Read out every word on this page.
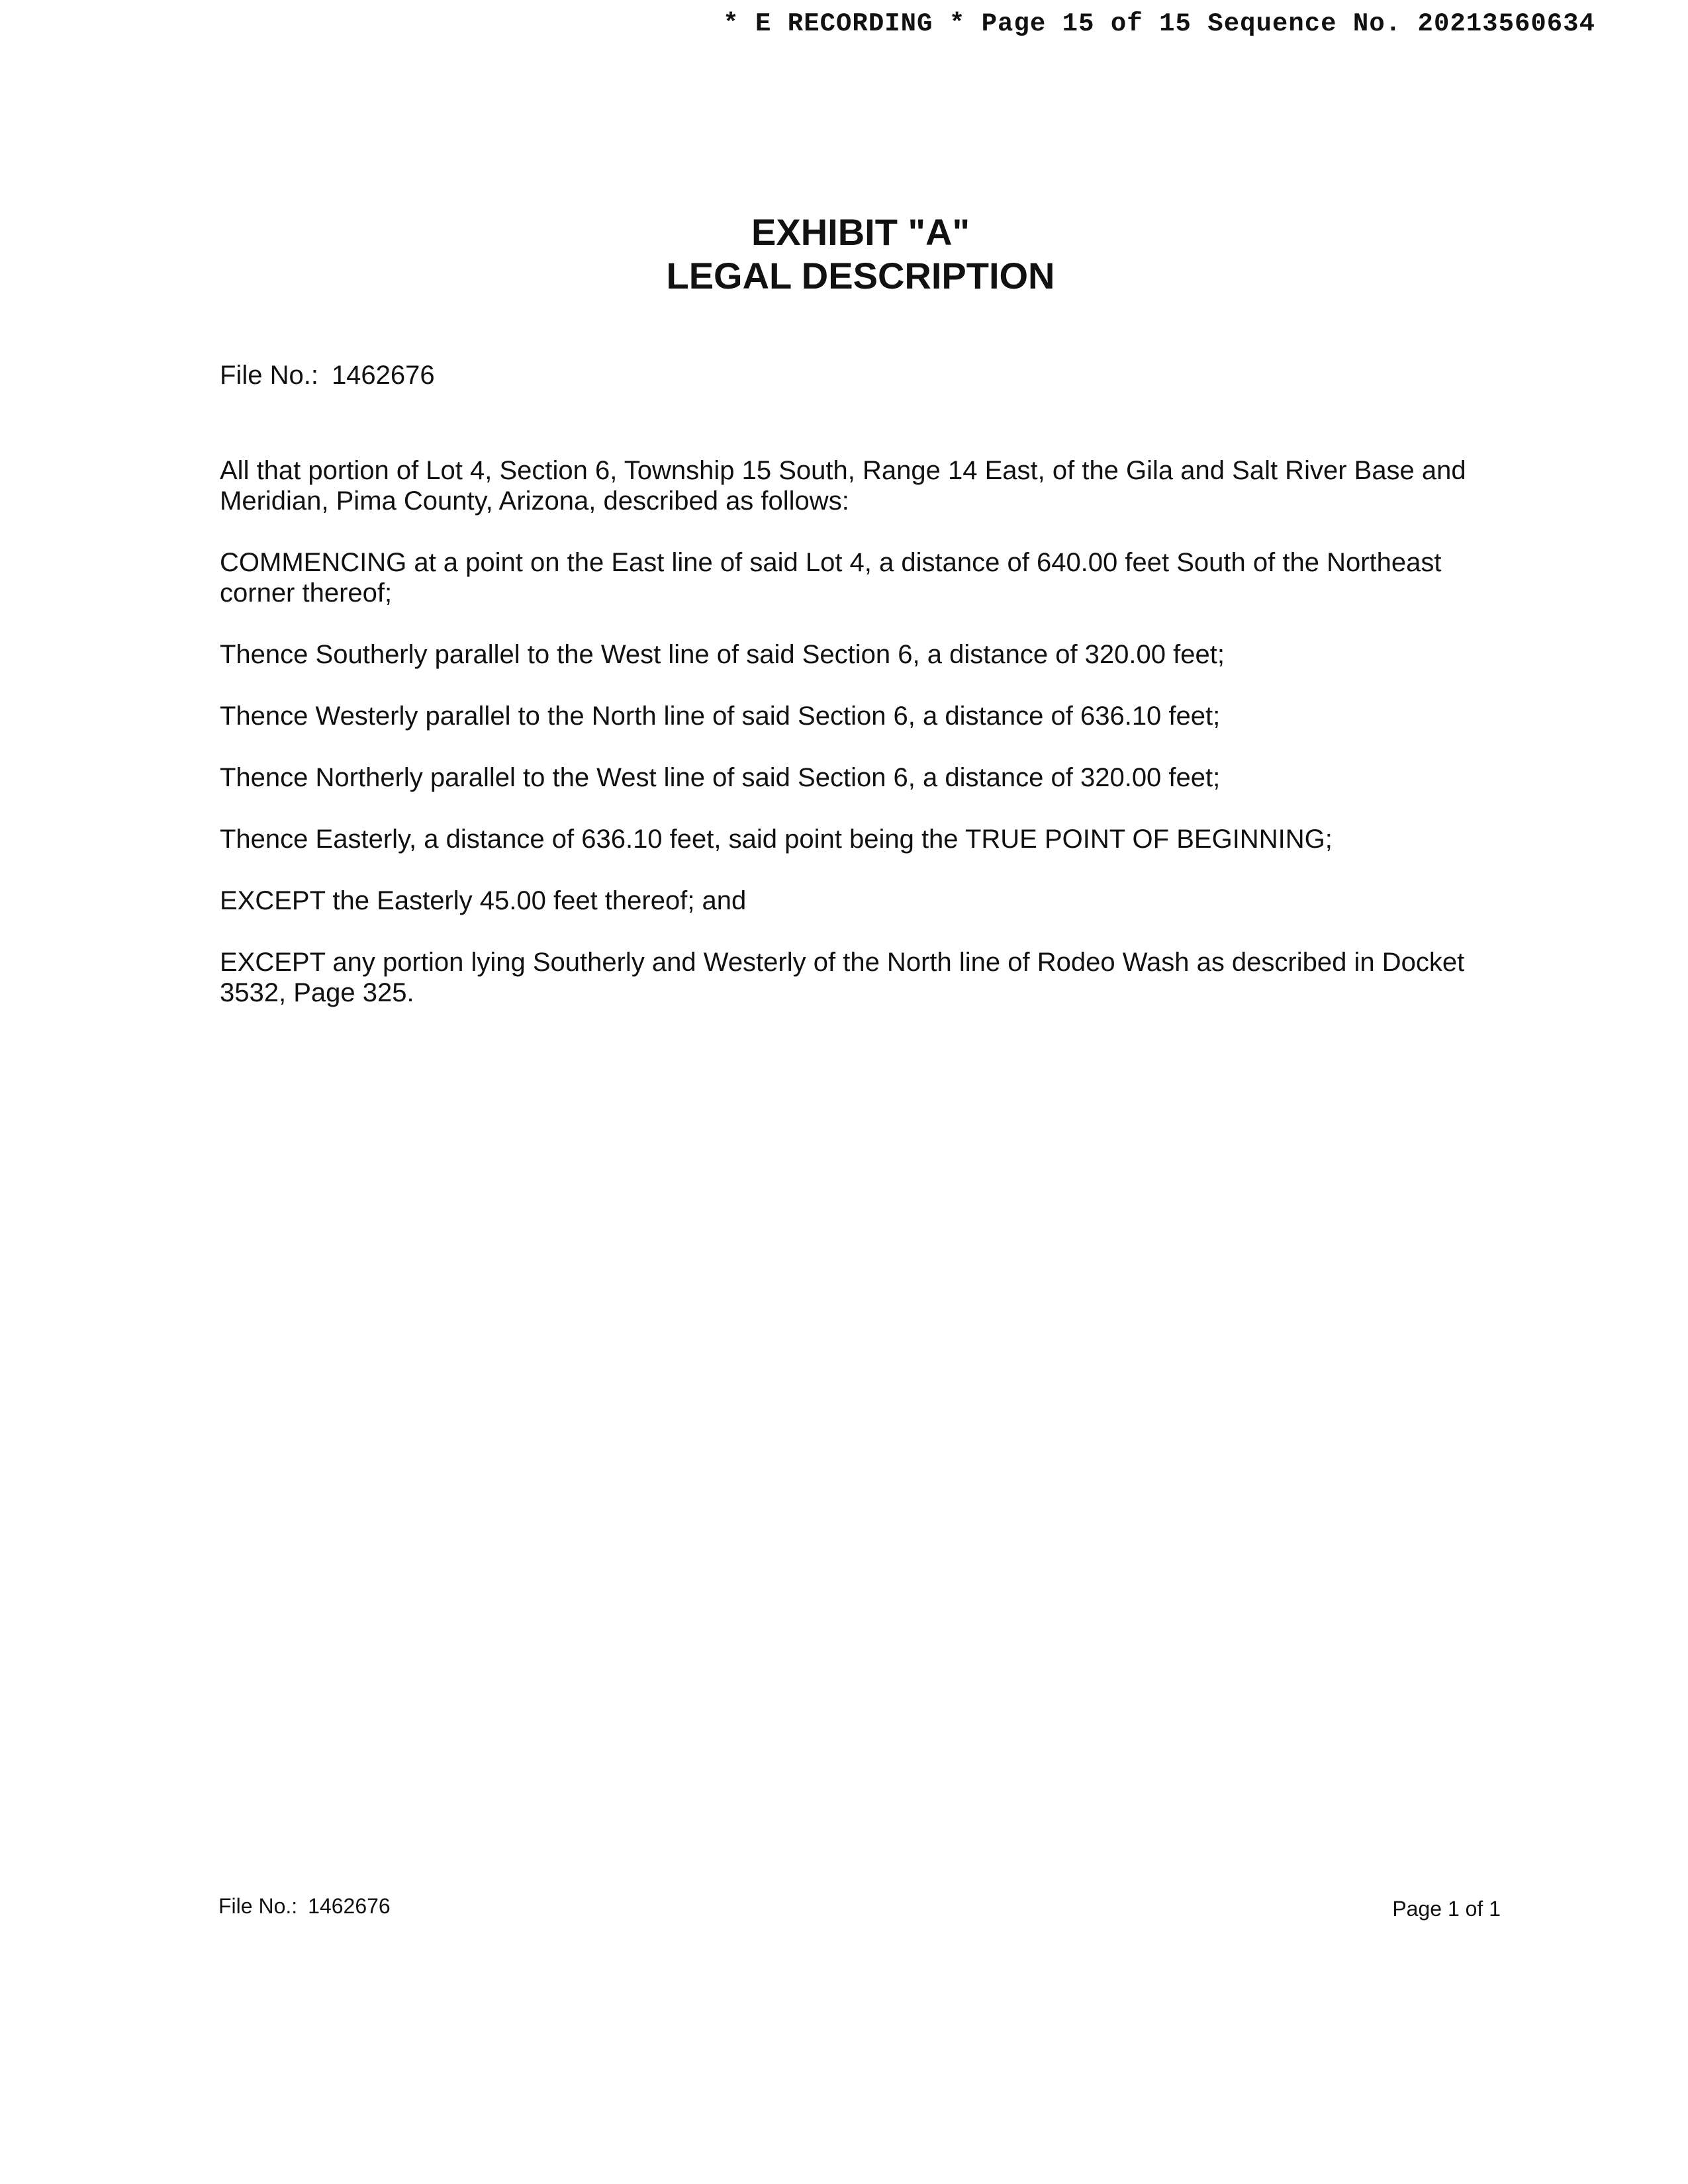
* E RECORDING * Page 15 of 15 Sequence No. 20213560634
EXHIBIT "A"
LEGAL DESCRIPTION
File No.: 1462676

All that portion of Lot 4, Section 6, Township 15 South, Range 14 East, of the Gila and Salt River Base and Meridian, Pima County, Arizona, described as follows:

COMMENCING at a point on the East line of said Lot 4, a distance of 640.00 feet South of the Northeast corner thereof;

Thence Southerly parallel to the West line of said Section 6, a distance of 320.00 feet;

Thence Westerly parallel to the North line of said Section 6, a distance of 636.10 feet;

Thence Northerly parallel to the West line of said Section 6, a distance of 320.00 feet;

Thence Easterly, a distance of 636.10 feet, said point being the TRUE POINT OF BEGINNING;

EXCEPT the Easterly 45.00 feet thereof; and

EXCEPT any portion lying Southerly and Westerly of the North line of Rodeo Wash as described in Docket 3532, Page 325.

File No.: 1462676	Page 1 of 1
